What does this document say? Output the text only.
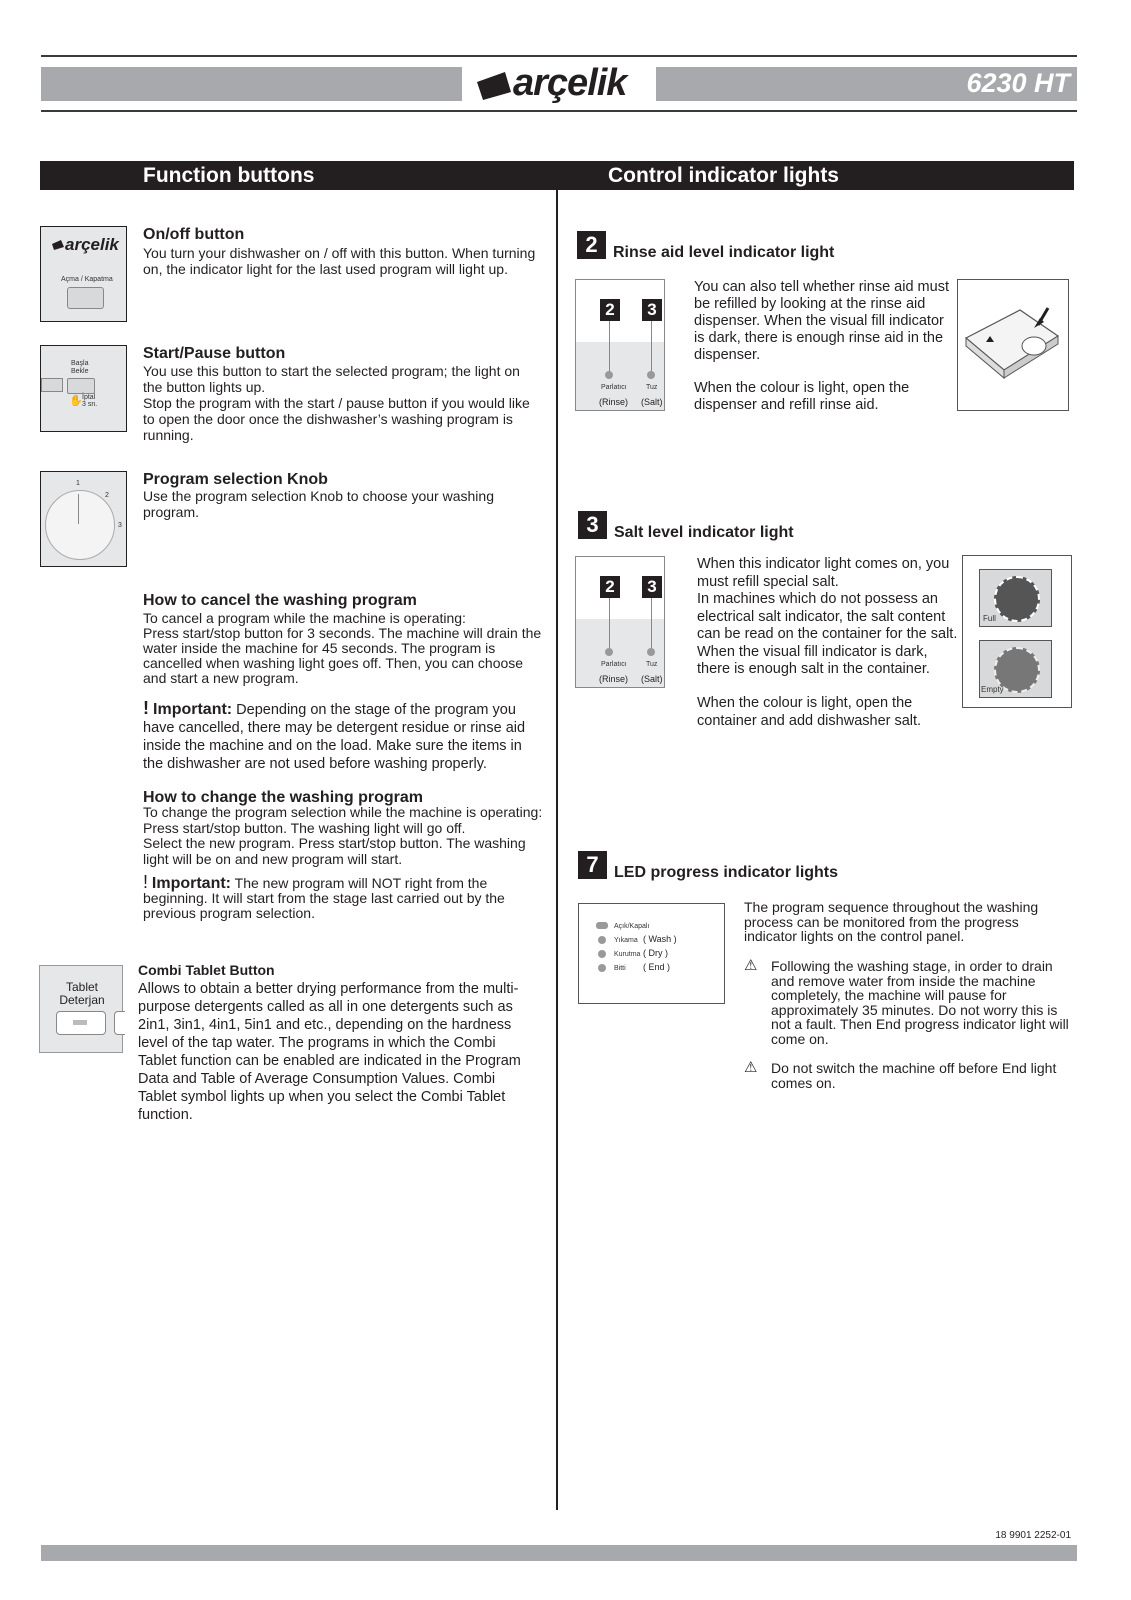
arçelik	6230 HT
Function buttons	Control indicator lights
arçelik
Açma / Kapatma
On/off button

You turn your dishwasher on / off with this button. When turning on, the indicator light for the last used program will light up.

Başla
Bekle
✋ İptal
3 sn.
Start/Pause button

You use this button to start the selected program; the light on the button lights up.
Stop the program with the start / pause button if you would like to open the door once the dishwasher’s washing program is running.

1
2
3
Program selection Knob

Use the program selection Knob to choose your washing program.

How to cancel the washing program

To cancel a program while the machine is operating:
Press start/stop button for 3 seconds. The machine will drain the water inside the machine for 45 seconds. The program is cancelled when washing light goes off. Then, you can choose and start a new program.

! Important: Depending on the stage of the program you have cancelled, there may be detergent residue or rinse aid inside the machine and on the load. Make sure the items in the dishwasher are not used before washing properly.

How to change the washing program

To change the program selection while the machine is operating:
Press start/stop button. The washing light will go off.
Select the new program. Press start/stop button. The washing light will be on and new program will start.

! Important: The new program will NOT right from the beginning. It will start from the stage last carried out by the previous program selection.

Tablet
Deterjan
Combi Tablet Button

Allows to obtain a better drying performance from the multi-purpose detergents called as all in one detergents such as 2in1, 3in1, 4in1, 5in1 and etc., depending on the hardness level of the tap water. The programs in which the Combi Tablet function can be enabled are indicated in the Program Data and Table of Average Consumption Values. Combi Tablet symbol lights up when you select the Combi Tablet function.

2 Rinse aid level indicator light
2	3
Parlatıcı	Tuz
(Rinse) (Salt)

You can also tell whether rinse aid must be refilled by looking at the rinse aid dispenser. When the visual fill indicator is dark, there is enough rinse aid in the dispenser.

When the colour is light, open the dispenser and refill rinse aid.

3 Salt level indicator light
2	3
Parlatıcı	Tuz
(Rinse) (Salt)

When this indicator light comes on, you must refill special salt.
In machines which do not possess an electrical salt indicator, the salt content can be read on the container for the salt. When the visual fill indicator is dark, there is enough salt in the container.

When the colour is light, open the container and add dishwasher salt.

Full
Empty
7 LED progress indicator lights
Açık/Kapalı
Yıkama ( Wash )
Kurutma ( Dry )
Bitti ( End )

The program sequence throughout the washing process can be monitored from the progress indicator lights on the control panel.

⚠ Following the washing stage, in order to drain and remove water from inside the machine completely, the machine will pause for approximately 35 minutes. Do not worry this is not a fault. Then End progress indicator light will come on.

⚠ Do not switch the machine off before End light comes on.

18 9901 2252-01
